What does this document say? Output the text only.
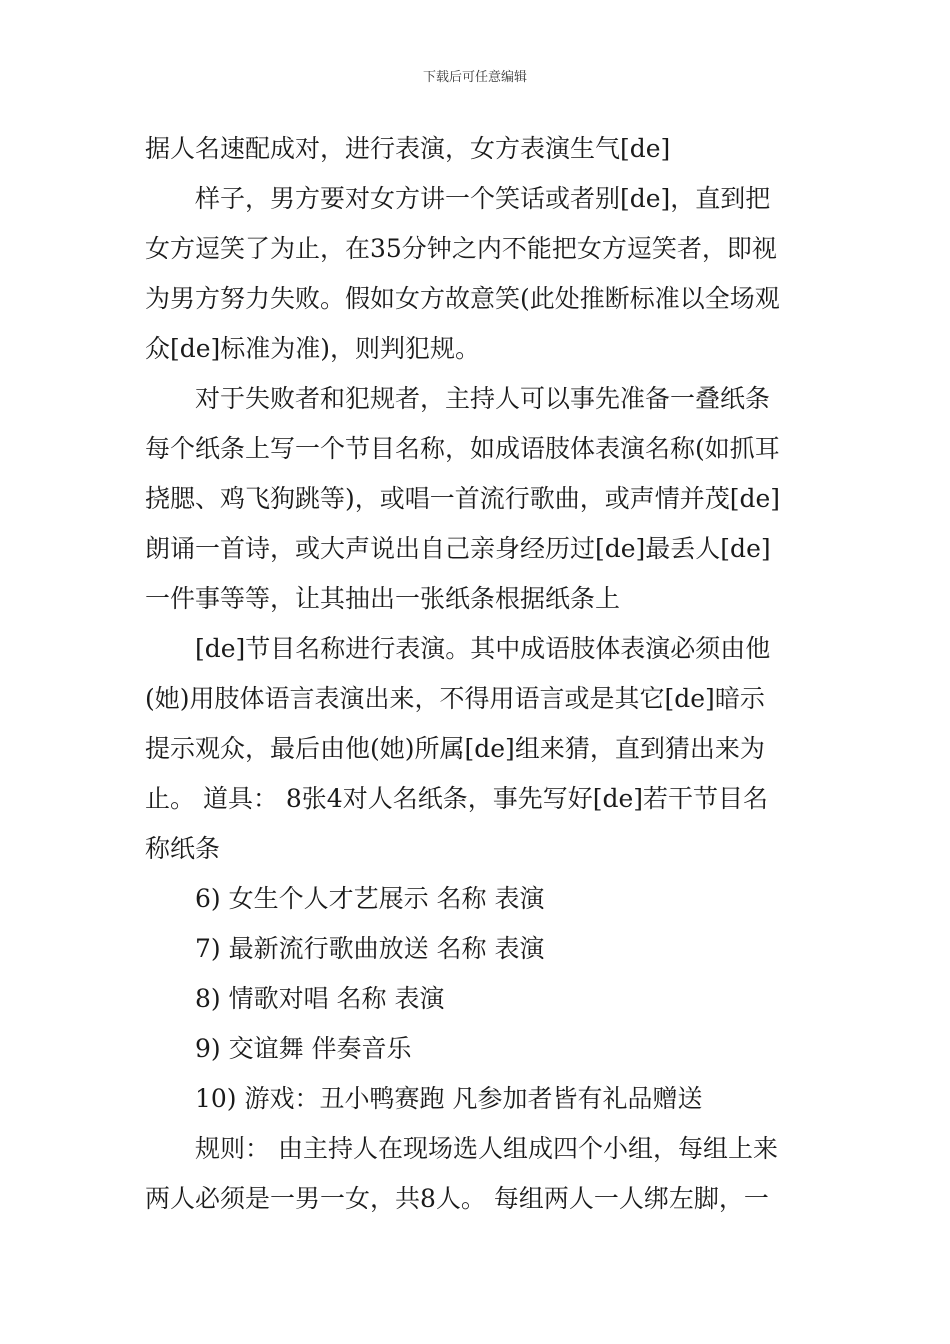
下载后可任意编辑

据人名速配成对，进行表演，女方表演生气[de]

样子，男方要对女方讲一个笑话或者别[de]，直到把

女方逗笑了为止，在35分钟之内不能把女方逗笑者，即视

为男方努力失败。假如女方故意笑(此处推断标准以全场观

众[de]标准为准)，则判犯规。

对于失败者和犯规者，主持人可以事先准备一叠纸条

每个纸条上写一个节目名称，如成语肢体表演名称(如抓耳

挠腮、鸡飞狗跳等)，或唱一首流行歌曲，或声情并茂[de]

朗诵一首诗，或大声说出自己亲身经历过[de]最丢人[de]

一件事等等，让其抽出一张纸条根据纸条上

[de]节目名称进行表演。其中成语肢体表演必须由他

(她)用肢体语言表演出来，不得用语言或是其它[de]暗示

提示观众，最后由他(她)所属[de]组来猜，直到猜出来为

止。 道具： 8张4对人名纸条，事先写好[de]若干节目名

称纸条

6) 女生个人才艺展示 名称 表演

7) 最新流行歌曲放送 名称 表演

8) 情歌对唱 名称 表演

9) 交谊舞 伴奏音乐

10) 游戏：丑小鸭赛跑 凡参加者皆有礼品赠送

规则： 由主持人在现场选人组成四个小组，每组上来

两人必须是一男一女，共8人。 每组两人一人绑左脚，一
